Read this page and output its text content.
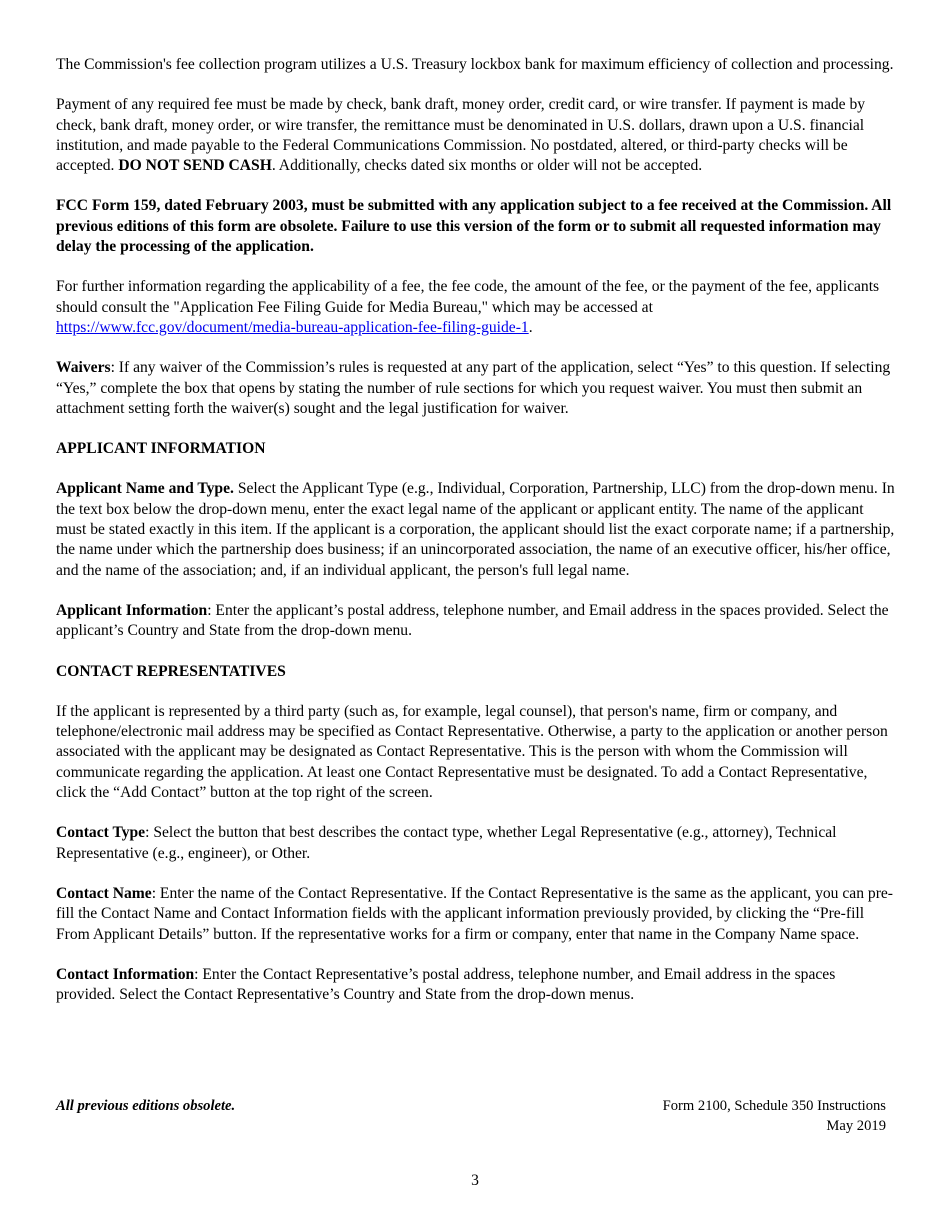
The Commission's fee collection program utilizes a U.S. Treasury lockbox bank for maximum efficiency of collection and processing.

Payment of any required fee must be made by check, bank draft, money order, credit card, or wire transfer. If payment is made by check, bank draft, money order, or wire transfer, the remittance must be denominated in U.S. dollars, drawn upon a U.S. financial institution, and made payable to the Federal Communications Commission. No postdated, altered, or third-party checks will be accepted. DO NOT SEND CASH. Additionally, checks dated six months or older will not be accepted.

FCC Form 159, dated February 2003, must be submitted with any application subject to a fee received at the Commission. All previous editions of this form are obsolete. Failure to use this version of the form or to submit all requested information may delay the processing of the application.

For further information regarding the applicability of a fee, the fee code, the amount of the fee, or the payment of the fee, applicants should consult the "Application Fee Filing Guide for Media Bureau," which may be accessed at https://www.fcc.gov/document/media-bureau-application-fee-filing-guide-1.

Waivers: If any waiver of the Commission’s rules is requested at any part of the application, select “Yes” to this question. If selecting “Yes,” complete the box that opens by stating the number of rule sections for which you request waiver. You must then submit an attachment setting forth the waiver(s) sought and the legal justification for waiver.

APPLICANT INFORMATION

Applicant Name and Type. Select the Applicant Type (e.g., Individual, Corporation, Partnership, LLC) from the drop-down menu. In the text box below the drop-down menu, enter the exact legal name of the applicant or applicant entity. The name of the applicant must be stated exactly in this item. If the applicant is a corporation, the applicant should list the exact corporate name; if a partnership, the name under which the partnership does business; if an unincorporated association, the name of an executive officer, his/her office, and the name of the association; and, if an individual applicant, the person's full legal name.

Applicant Information: Enter the applicant’s postal address, telephone number, and Email address in the spaces provided. Select the applicant’s Country and State from the drop-down menu.

CONTACT REPRESENTATIVES

If the applicant is represented by a third party (such as, for example, legal counsel), that person's name, firm or company, and telephone/electronic mail address may be specified as Contact Representative. Otherwise, a party to the application or another person associated with the applicant may be designated as Contact Representative. This is the person with whom the Commission will communicate regarding the application. At least one Contact Representative must be designated. To add a Contact Representative, click the “Add Contact” button at the top right of the screen.

Contact Type: Select the button that best describes the contact type, whether Legal Representative (e.g., attorney), Technical Representative (e.g., engineer), or Other.

Contact Name: Enter the name of the Contact Representative. If the Contact Representative is the same as the applicant, you can pre-fill the Contact Name and Contact Information fields with the applicant information previously provided, by clicking the “Pre-fill From Applicant Details” button. If the representative works for a firm or company, enter that name in the Company Name space.

Contact Information: Enter the Contact Representative’s postal address, telephone number, and Email address in the spaces provided. Select the Contact Representative’s Country and State from the drop-down menus.

All previous editions obsolete.	Form 2100, Schedule 350 Instructions
May 2019
3
